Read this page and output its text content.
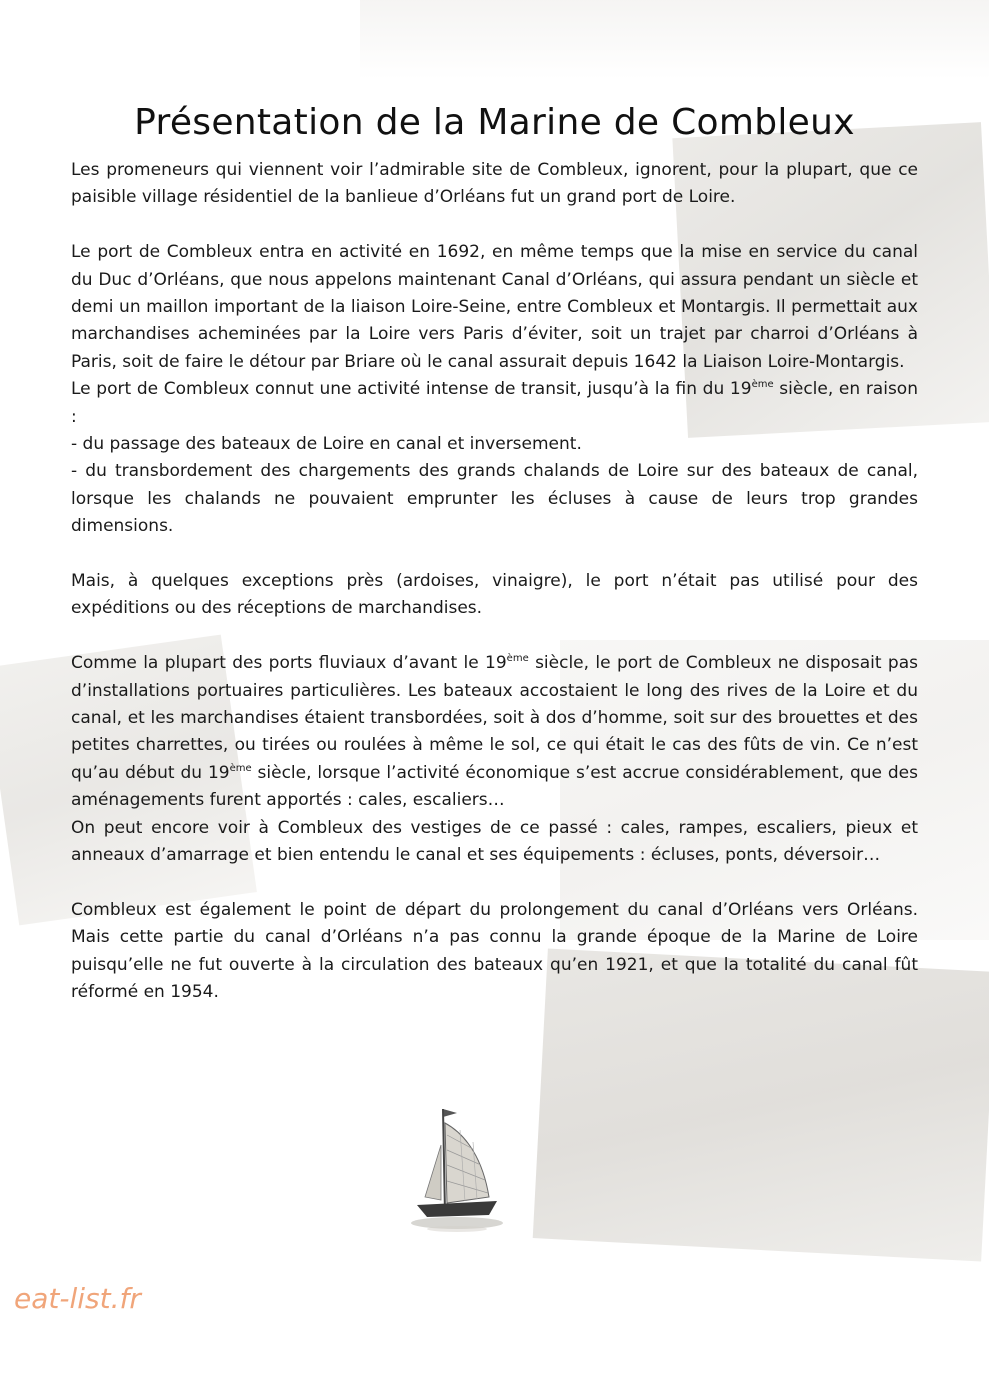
Présentation de la Marine de Combleux

Les promeneurs qui viennent voir l’admirable site de Combleux, ignorent, pour la plupart, que ce paisible village résidentiel de la banlieue d’Orléans fut un grand port de Loire.

Le port de Combleux entra en activité en 1692, en même temps que la mise en service du canal du Duc d’Orléans, que nous appelons maintenant Canal d’Orléans, qui assura pendant un siècle et demi un maillon important de la liaison Loire-Seine, entre Combleux et Montargis. Il permettait aux marchandises acheminées par la Loire vers Paris d’éviter, soit un trajet par charroi d’Orléans à Paris, soit de faire le détour par Briare où le canal assurait depuis 1642 la Liaison Loire-Montargis.

Le port de Combleux connut une activité intense de transit, jusqu’à la fin du 19ème siècle, en raison :

- du passage des bateaux de Loire en canal et inversement.

- du transbordement des chargements des grands chalands de Loire sur des bateaux de canal, lorsque les chalands ne pouvaient emprunter les écluses à cause de leurs trop grandes dimensions.

Mais, à quelques exceptions près (ardoises, vinaigre), le port n’était pas utilisé pour des expéditions ou des réceptions de marchandises.

Comme la plupart des ports fluviaux d’avant le 19ème siècle, le port de Combleux ne disposait pas d’installations portuaires particulières. Les bateaux accostaient le long des rives de la Loire et du canal, et les marchandises étaient transbordées, soit à dos d’homme, soit sur des brouettes et des petites charrettes, ou tirées ou roulées à même le sol, ce qui était le cas des fûts de vin. Ce n’est qu’au début du 19ème siècle, lorsque l’activité économique s’est accrue considérablement, que des aménagements furent apportés : cales, escaliers…

On peut encore voir à Combleux des vestiges de ce passé : cales, rampes, escaliers, pieux et anneaux d’amarrage et bien entendu le canal et ses équipements : écluses, ponts, déversoir…

Combleux est également le point de départ du prolongement du canal d’Orléans vers Orléans. Mais cette partie du canal d’Orléans n’a pas connu la grande époque de la Marine de Loire puisqu’elle ne fut ouverte à la circulation des bateaux qu’en 1921, et que la totalité du canal fût réformé en 1954.

eat-list.fr
